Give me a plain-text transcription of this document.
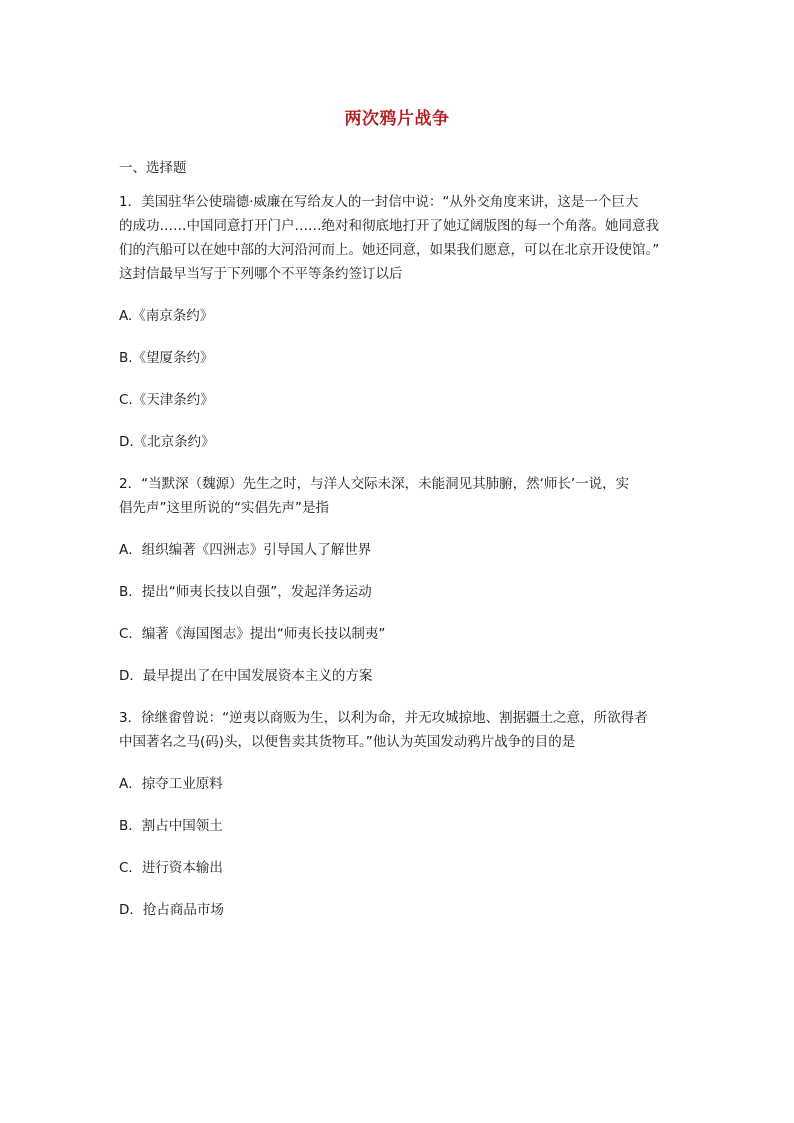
两次鸦片战争
一、选择题
1．美国驻华公使瑞德·威廉在写给友人的一封信中说：“从外交角度来讲，这是一个巨大
的成功……中国同意打开门户……绝对和彻底地打开了她辽阔版图的每一个角落。她同意我
们的汽船可以在她中部的大河沿河而上。她还同意，如果我们愿意，可以在北京开设使馆。”
这封信最早当写于下列哪个不平等条约签订以后
A.《南京条约》
B.《望厦条约》
C.《天津条约》
D.《北京条约》
2．“当默深（魏源）先生之时，与洋人交际未深，未能洞见其肺腑，然‘师长’一说，实
倡先声”这里所说的“实倡先声”是指
A．组织编著《四洲志》引导国人了解世界
B．提出“师夷长技以自强”，发起洋务运动
C．编著《海国图志》提出“师夷长技以制夷”
D．最早提出了在中国发展资本主义的方案
3．徐继畬曾说：“逆夷以商贩为生，以利为命，并无攻城掠地、割据疆土之意，所欲得者
中国著名之马(码)头，以便售卖其货物耳。”他认为英国发动鸦片战争的目的是
A．掠夺工业原料
B．割占中国领土
C．进行资本输出
D．抢占商品市场
